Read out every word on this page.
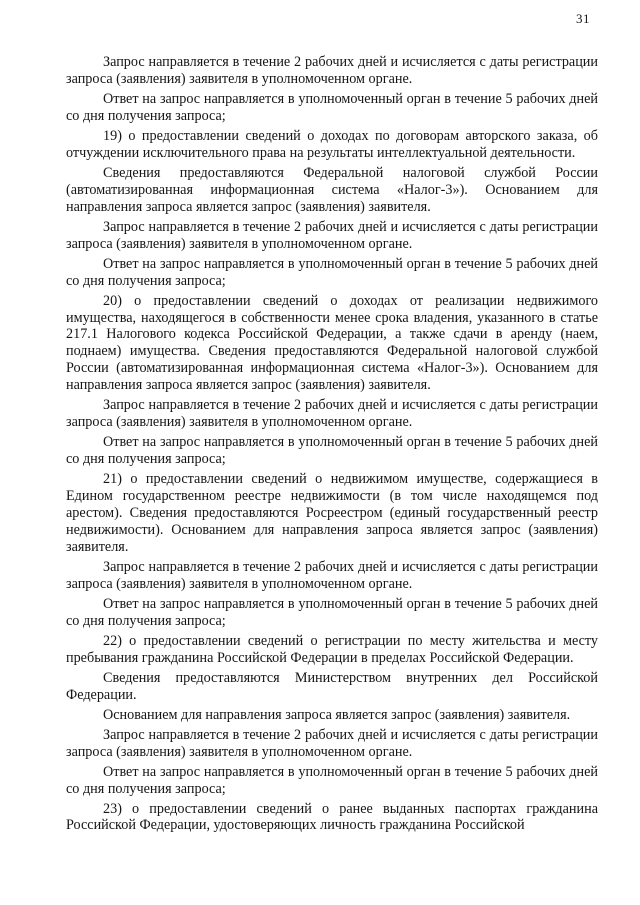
31

Запрос направляется в течение 2 рабочих дней и исчисляется с даты регистрации запроса (заявления) заявителя в уполномоченном органе.

Ответ на запрос направляется в уполномоченный орган в течение 5 рабочих дней со дня получения запроса;

19) о предоставлении сведений о доходах по договорам авторского заказа, об отчуждении исключительного права на результаты интеллектуальной деятельности.

Сведения предоставляются Федеральной налоговой службой России (автоматизированная информационная система «Налог-3»). Основанием для направления запроса является запрос (заявления) заявителя.

Запрос направляется в течение 2 рабочих дней и исчисляется с даты регистрации запроса (заявления) заявителя в уполномоченном органе.

Ответ на запрос направляется в уполномоченный орган в течение 5 рабочих дней со дня получения запроса;

20) о предоставлении сведений о доходах от реализации недвижимого имущества, находящегося в собственности менее срока владения, указанного в статье 217.1 Налогового кодекса Российской Федерации, а также сдачи в аренду (наем, поднаем) имущества. Сведения предоставляются Федеральной налоговой службой России (автоматизированная информационная система «Налог-3»). Основанием для направления запроса является запрос (заявления) заявителя.

Запрос направляется в течение 2 рабочих дней и исчисляется с даты регистрации запроса (заявления) заявителя в уполномоченном органе.

Ответ на запрос направляется в уполномоченный орган в течение 5 рабочих дней со дня получения запроса;

21) о предоставлении сведений о недвижимом имуществе, содержащиеся в Едином государственном реестре недвижимости (в том числе находящемся под арестом). Сведения предоставляются Росреестром (единый государственный реестр недвижимости). Основанием для направления запроса является запрос (заявления) заявителя.

Запрос направляется в течение 2 рабочих дней и исчисляется с даты регистрации запроса (заявления) заявителя в уполномоченном органе.

Ответ на запрос направляется в уполномоченный орган в течение 5 рабочих дней со дня получения запроса;

22) о предоставлении сведений о регистрации по месту жительства и месту пребывания гражданина Российской Федерации в пределах Российской Федерации.

Сведения предоставляются Министерством внутренних дел Российской Федерации.

Основанием для направления запроса является запрос (заявления) заявителя.

Запрос направляется в течение 2 рабочих дней и исчисляется с даты регистрации запроса (заявления) заявителя в уполномоченном органе.

Ответ на запрос направляется в уполномоченный орган в течение 5 рабочих дней со дня получения запроса;

23) о предоставлении сведений о ранее выданных паспортах гражданина Российской Федерации, удостоверяющих личность гражданина Российской
